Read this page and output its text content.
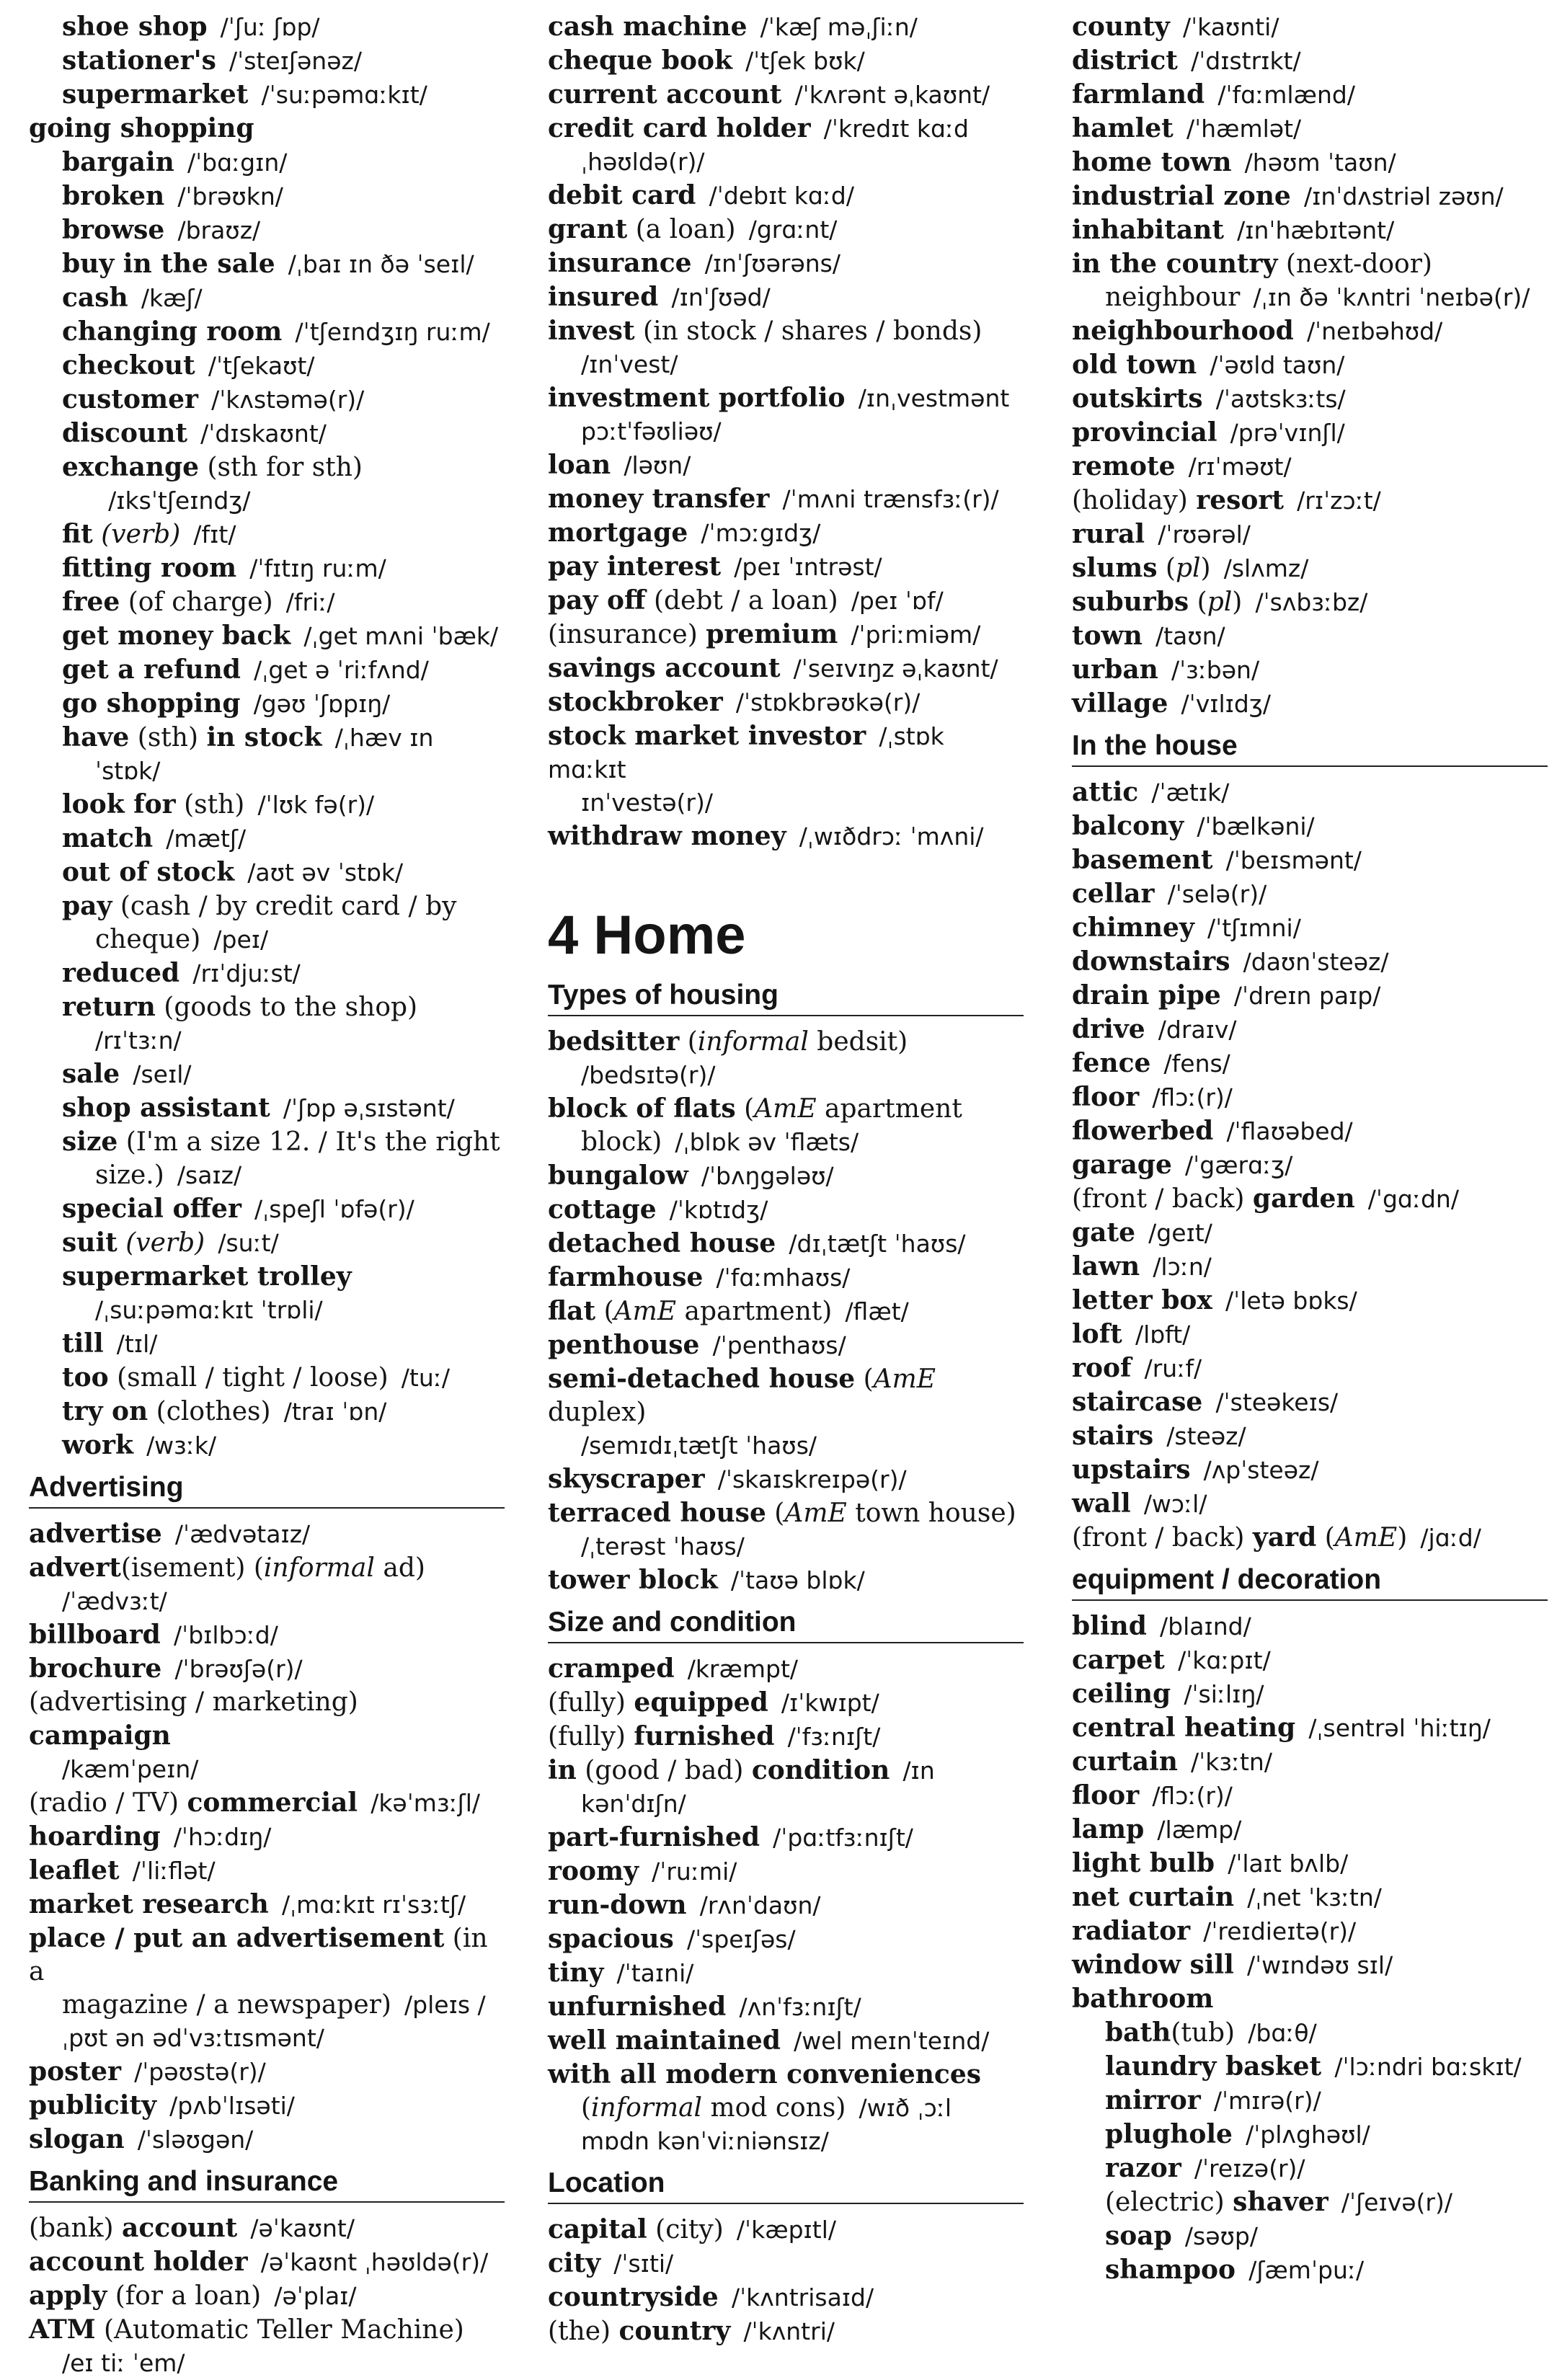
shoe shop /ˈʃuː ʃɒp/
stationer's /ˈsteɪʃənəz/
supermarket /ˈsuːpəmɑːkɪt/
going shopping
bargain /ˈbɑːgɪn/
broken /ˈbrəʊkn/
browse /braʊz/
buy in the sale /ˌbaɪ ɪn ðə ˈseɪl/
cash /kæʃ/
changing room /ˈtʃeɪndʒɪŋ ruːm/
checkout /ˈtʃekaʊt/
customer /ˈkʌstəmə(r)/
discount /ˈdɪskaʊnt/
exchange (sth for sth)
/ɪksˈtʃeɪndʒ/
fit (verb) /fɪt/
fitting room /ˈfɪtɪŋ ruːm/
free (of charge) /friː/
get money back /ˌget mʌni ˈbæk/
get a refund /ˌget ə ˈriːfʌnd/
go shopping /gəʊ ˈʃɒpɪŋ/
have (sth) in stock /ˌhæv ɪn
ˈstɒk/
look for (sth) /ˈlʊk fə(r)/
match /mætʃ/
out of stock /aʊt əv ˈstɒk/
pay (cash / by credit card / by
cheque) /peɪ/
reduced /rɪˈdjuːst/
return (goods to the shop)
/rɪˈtɜːn/
sale /seɪl/
shop assistant /ˈʃɒp əˌsɪstənt/
size (I'm a size 12. / It's the right
size.) /saɪz/
special offer /ˌspeʃl ˈɒfə(r)/
suit (verb) /suːt/
supermarket trolley
/ˌsuːpəmɑːkɪt ˈtrɒli/
till /tɪl/
too (small / tight / loose) /tuː/
try on (clothes) /traɪ ˈɒn/
work /wɜːk/
Advertising
advertise /ˈædvətaɪz/
advert(isement) (informal ad)
/ˈædvɜːt/
billboard /ˈbɪlbɔːd/
brochure /ˈbrəʊʃə(r)/
(advertising / marketing) campaign
/kæmˈpeɪn/
(radio / TV) commercial /kəˈmɜːʃl/
hoarding /ˈhɔːdɪŋ/
leaflet /ˈliːflət/
market research /ˌmɑːkɪt rɪˈsɜːtʃ/
place / put an advertisement (in a
magazine / a newspaper) /pleɪs /
ˌpʊt ən ədˈvɜːtɪsmənt/
poster /ˈpəʊstə(r)/
publicity /pʌbˈlɪsəti/
slogan /ˈsləʊgən/
Banking and insurance
(bank) account /əˈkaʊnt/
account holder /əˈkaʊnt ˌhəʊldə(r)/
apply (for a loan) /əˈplaɪ/
ATM (Automatic Teller Machine)
/eɪ tiː ˈem/
cash machine /ˈkæʃ məˌʃiːn/
cheque book /ˈtʃek bʊk/
current account /ˈkʌrənt əˌkaʊnt/
credit card holder /ˈkredɪt kɑːd
ˌhəʊldə(r)/
debit card /ˈdebɪt kɑːd/
grant (a loan) /grɑːnt/
insurance /ɪnˈʃʊərəns/
insured /ɪnˈʃʊəd/
invest (in stock / shares / bonds)
/ɪnˈvest/
investment portfolio /ɪnˌvestmənt
pɔːtˈfəʊliəʊ/
loan /ləʊn/
money transfer /ˈmʌni trænsfɜː(r)/
mortgage /ˈmɔːgɪdʒ/
pay interest /peɪ ˈɪntrəst/
pay off (debt / a loan) /peɪ ˈɒf/
(insurance) premium /ˈpriːmiəm/
savings account /ˈseɪvɪŋz əˌkaʊnt/
stockbroker /ˈstɒkbrəʊkə(r)/
stock market investor /ˌstɒk mɑːkɪt
ɪnˈvestə(r)/
withdraw money /ˌwɪðdrɔː ˈmʌni/
4 Home
Types of housing
bedsitter (informal bedsit)
/bedsɪtə(r)/
block of flats (AmE apartment
block) /ˌblɒk əv ˈflæts/
bungalow /ˈbʌŋgələʊ/
cottage /ˈkɒtɪdʒ/
detached house /dɪˌtætʃt ˈhaʊs/
farmhouse /ˈfɑːmhaʊs/
flat (AmE apartment) /flæt/
penthouse /ˈpenthaʊs/
semi-detached house (AmE duplex)
/semɪdɪˌtætʃt ˈhaʊs/
skyscraper /ˈskaɪskreɪpə(r)/
terraced house (AmE town house)
/ˌterəst ˈhaʊs/
tower block /ˈtaʊə blɒk/
Size and condition
cramped /kræmpt/
(fully) equipped /ɪˈkwɪpt/
(fully) furnished /ˈfɜːnɪʃt/
in (good / bad) condition /ɪn
kənˈdɪʃn/
part-furnished /ˈpɑːtfɜːnɪʃt/
roomy /ˈruːmi/
run-down /rʌnˈdaʊn/
spacious /ˈspeɪʃəs/
tiny /ˈtaɪni/
unfurnished /ʌnˈfɜːnɪʃt/
well maintained /wel meɪnˈteɪnd/
with all modern conveniences
(informal mod cons) /wɪð ˌɔːl
mɒdn kənˈviːniənsɪz/
Location
capital (city) /ˈkæpɪtl/
city /ˈsɪti/
countryside /ˈkʌntrisaɪd/
(the) country /ˈkʌntri/
county /ˈkaʊnti/
district /ˈdɪstrɪkt/
farmland /ˈfɑːmlænd/
hamlet /ˈhæmlət/
home town /həʊm ˈtaʊn/
industrial zone /ɪnˈdʌstriəl zəʊn/
inhabitant /ɪnˈhæbɪtənt/
in the country (next-door)
neighbour /ˌɪn ðə ˈkʌntri ˈneɪbə(r)/
neighbourhood /ˈneɪbəhʊd/
old town /ˈəʊld taʊn/
outskirts /ˈaʊtskɜːts/
provincial /prəˈvɪnʃl/
remote /rɪˈməʊt/
(holiday) resort /rɪˈzɔːt/
rural /ˈrʊərəl/
slums (pl) /slʌmz/
suburbs (pl) /ˈsʌbɜːbz/
town /taʊn/
urban /ˈɜːbən/
village /ˈvɪlɪdʒ/
In the house
attic /ˈætɪk/
balcony /ˈbælkəni/
basement /ˈbeɪsmənt/
cellar /ˈselə(r)/
chimney /ˈtʃɪmni/
downstairs /daʊnˈsteəz/
drain pipe /ˈdreɪn paɪp/
drive /draɪv/
fence /fens/
floor /flɔː(r)/
flowerbed /ˈflaʊəbed/
garage /ˈgærɑːʒ/
(front / back) garden /ˈgɑːdn/
gate /geɪt/
lawn /lɔːn/
letter box /ˈletə bɒks/
loft /lɒft/
roof /ruːf/
staircase /ˈsteəkeɪs/
stairs /steəz/
upstairs /ʌpˈsteəz/
wall /wɔːl/
(front / back) yard (AmE) /jɑːd/
equipment / decoration
blind /blaɪnd/
carpet /ˈkɑːpɪt/
ceiling /ˈsiːlɪŋ/
central heating /ˌsentrəl ˈhiːtɪŋ/
curtain /ˈkɜːtn/
floor /flɔː(r)/
lamp /læmp/
light bulb /ˈlaɪt bʌlb/
net curtain /ˌnet ˈkɜːtn/
radiator /ˈreɪdieɪtə(r)/
window sill /ˈwɪndəʊ sɪl/
bathroom
bath(tub) /bɑːθ/
laundry basket /ˈlɔːndri bɑːskɪt/
mirror /ˈmɪrə(r)/
plughole /ˈplʌghəʊl/
razor /ˈreɪzə(r)/
(electric) shaver /ˈʃeɪvə(r)/
soap /səʊp/
shampoo /ʃæmˈpuː/
